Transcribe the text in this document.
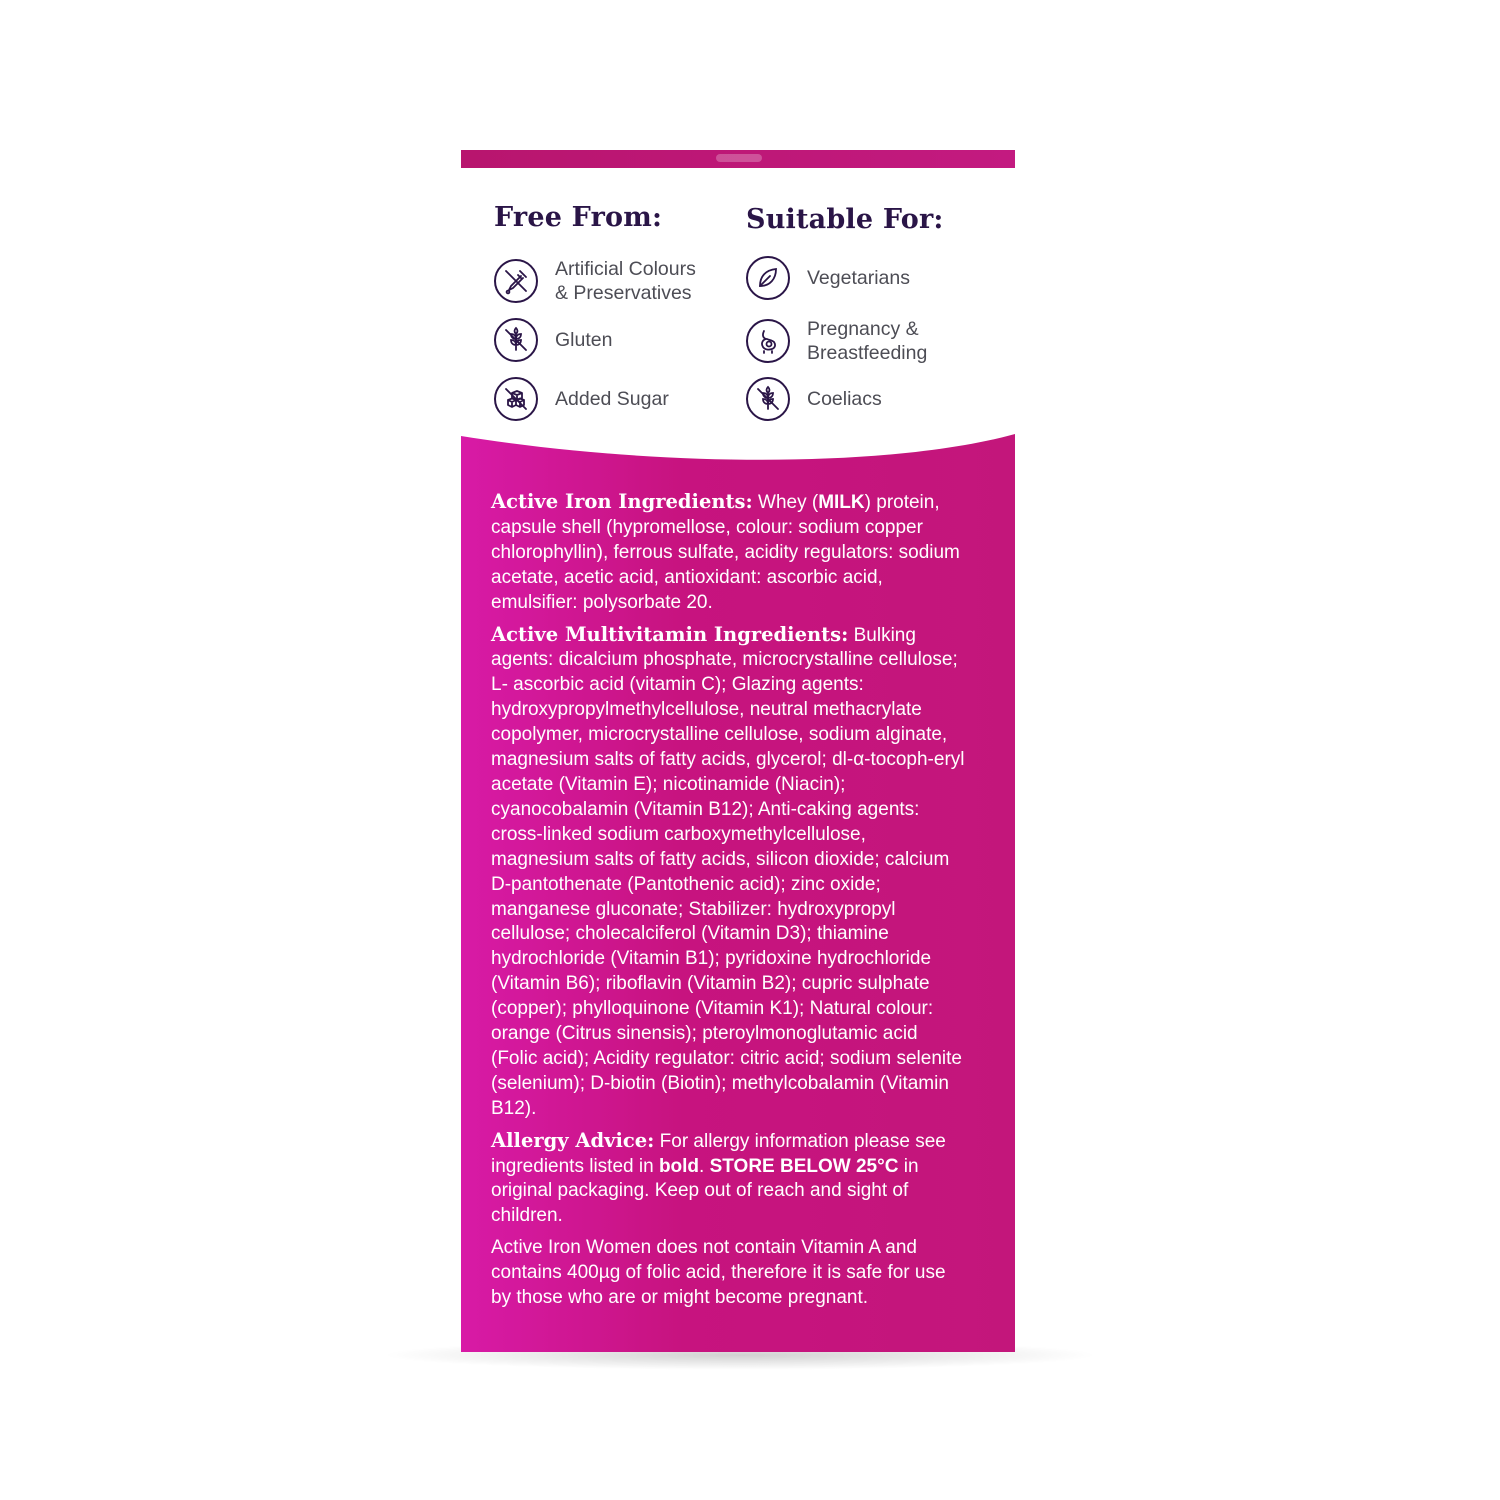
Free From:
Artificial Colours
& Preservatives
Gluten
Added Sugar
Suitable For:
Vegetarians
Pregnancy &
Breastfeeding
Coeliacs

Active Iron Ingredients: Whey (MILK) protein, capsule shell (hypromellose, colour: sodium copper chlorophyllin), ferrous sulfate, acidity regulators: sodium acetate, acetic acid, antioxidant: ascorbic acid, emulsifier: polysorbate 20.

Active Multivitamin Ingredients: Bulking agents: dicalcium phosphate, microcrystalline cellulose; L- ascorbic acid (vitamin C); Glazing agents: hydroxypropylmethylcellulose, neutral methacrylate copolymer, microcrystalline cellulose, sodium alginate, magnesium salts of fatty acids, glycerol; dl-α-tocoph-eryl acetate (Vitamin E); nicotinamide (Niacin); cyanocobalamin (Vitamin B12); Anti-caking agents: cross-linked sodium carboxymethylcellulose, magnesium salts of fatty acids, silicon dioxide; calcium D-pantothenate (Pantothenic acid); zinc oxide; manganese gluconate; Stabilizer: hydroxypropyl cellulose; cholecalciferol (Vitamin D3); thiamine hydrochloride (Vitamin B1); pyridoxine hydrochloride (Vitamin B6); riboflavin (Vitamin B2); cupric sulphate (copper); phylloquinone (Vitamin K1); Natural colour: orange (Citrus sinensis); pteroylmonoglutamic acid (Folic acid); Acidity regulator: citric acid; sodium selenite (selenium); D-biotin (Biotin); methylcobalamin (Vitamin B12).

Allergy Advice: For allergy information please see ingredients listed in bold. STORE BELOW 25°C in original packaging. Keep out of reach and sight of children.

Active Iron Women does not contain Vitamin A and contains 400µg of folic acid, therefore it is safe for use by those who are or might become pregnant.
